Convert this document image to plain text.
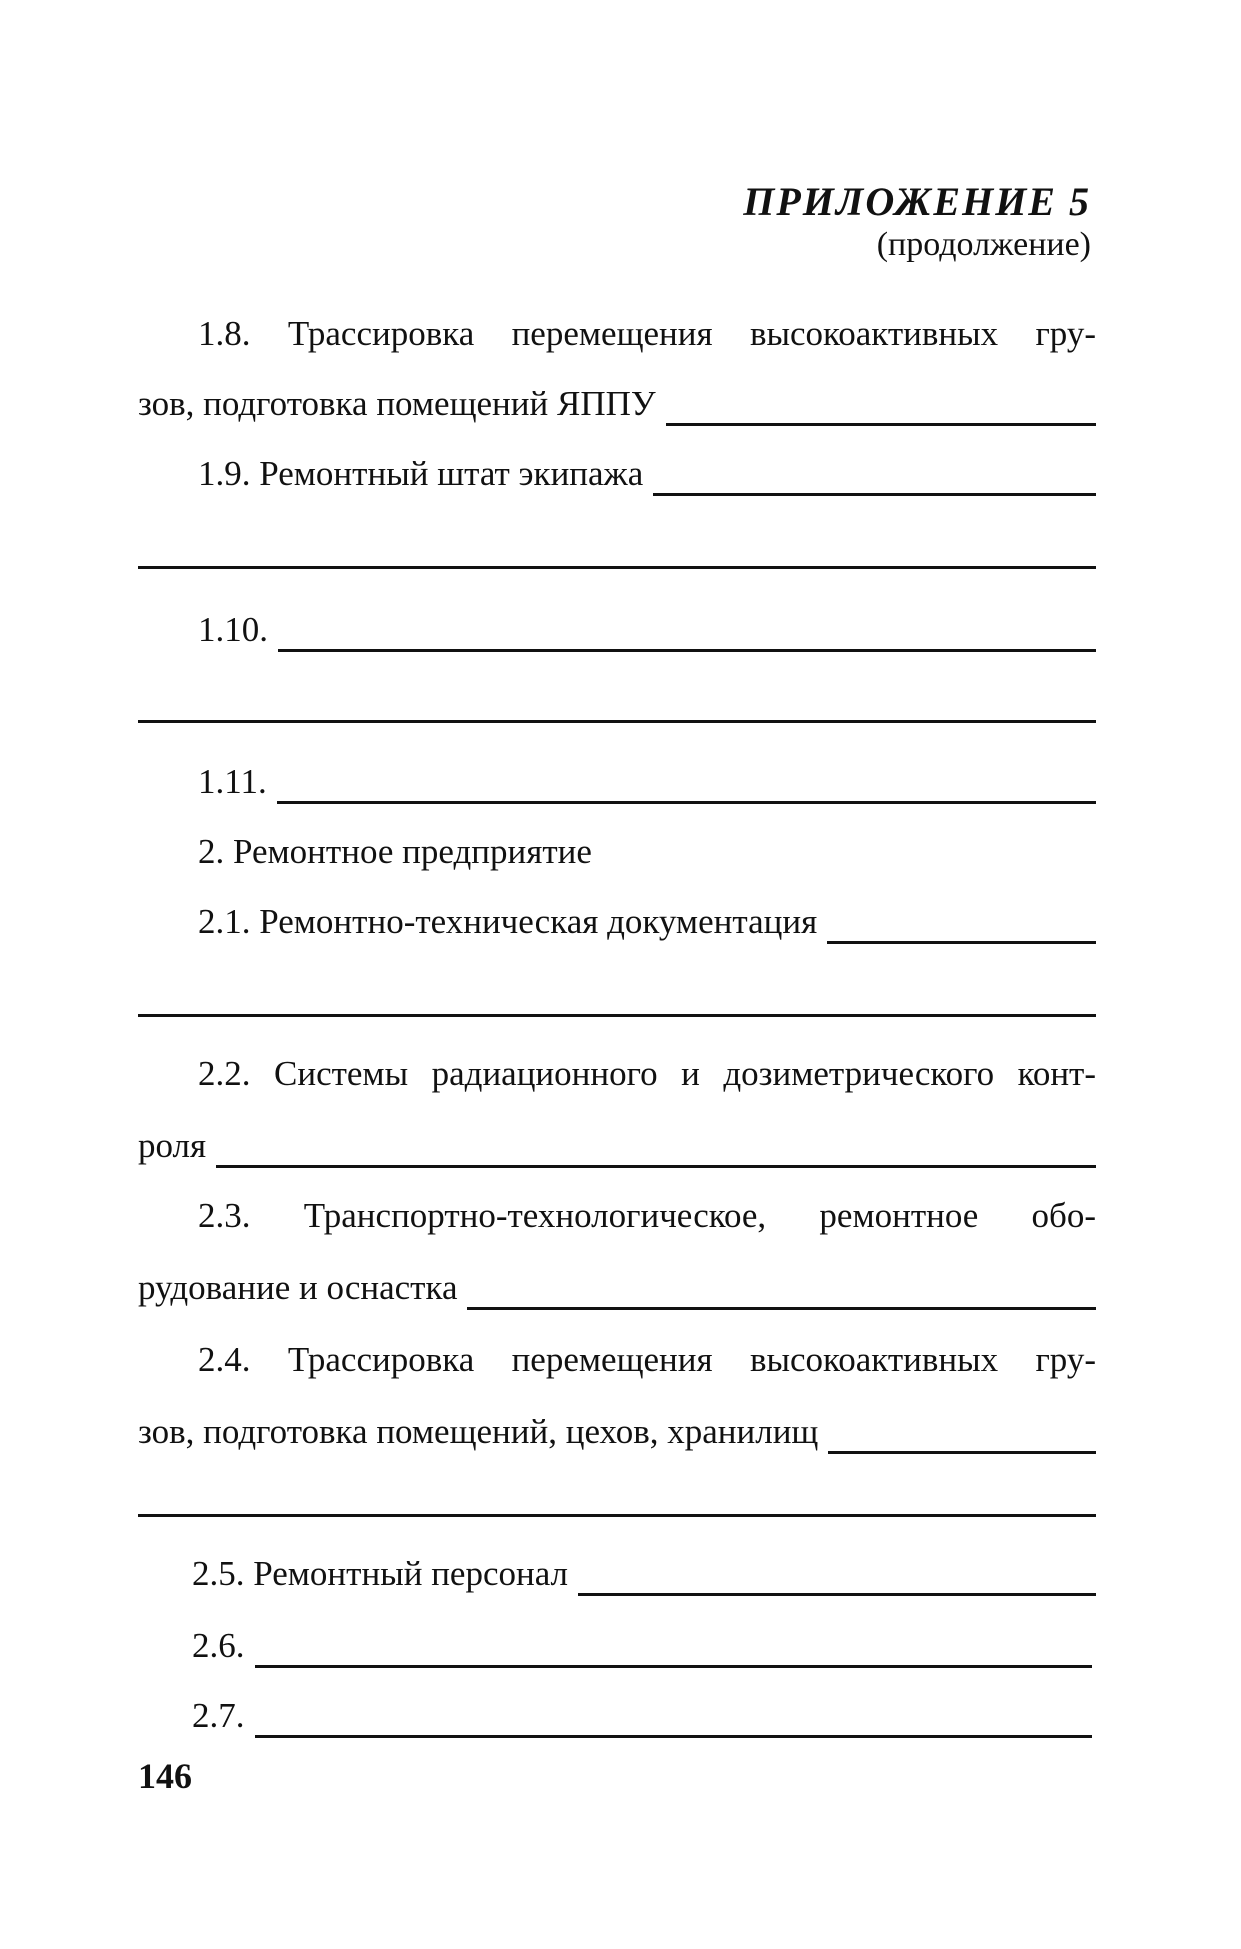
ПРИЛОЖЕНИЕ 5
(продолжение)
1.8. Трассировка перемещения высокоактивных гру-
зов, подготовка помещений ЯППУ
1.9. Ремонтный штат экипажа
1.10.
1.11.
2. Ремонтное предприятие
2.1. Ремонтно-техническая документация
2.2. Системы радиационного и дозиметрического конт-
роля
2.3. Транспортно-технологическое, ремонтное обо-
рудование и оснастка
2.4. Трассировка перемещения высокоактивных гру-
зов, подготовка помещений, цехов, хранилищ
2.5. Ремонтный персонал
2.6.
2.7.
146
